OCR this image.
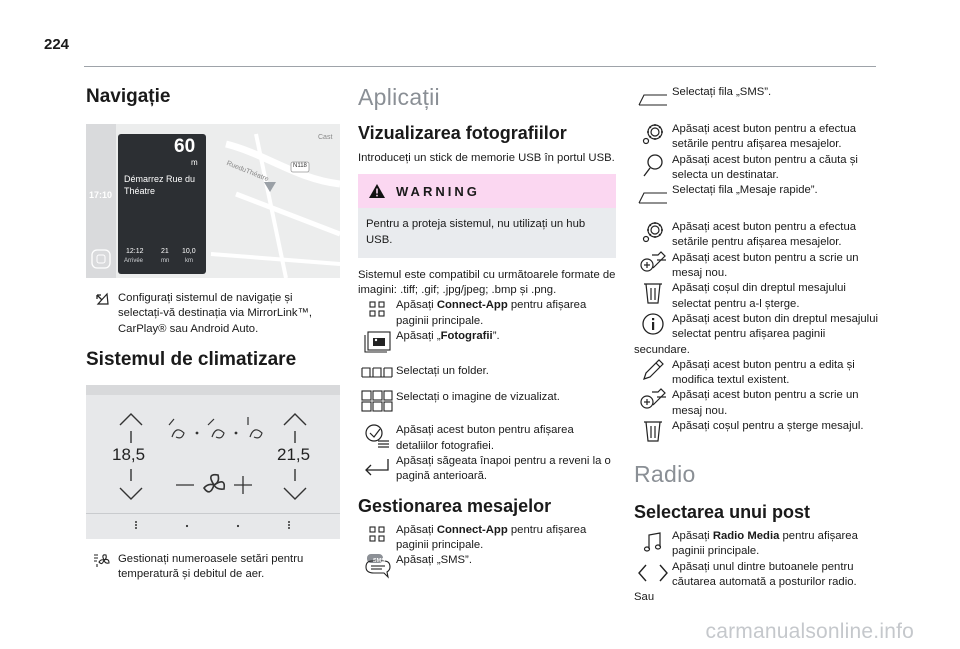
224
Navigație
60
m
Démarrez Rue du Théatre
17:10
12:12
Arrivée
21
mn
10,0
km
RueduThéatre
Cast
N118
Configurați sistemul de navigație și selectați-vă destinația via MirrorLink™, CarPlay® sau Android Auto.
Sistemul de climatizare
18,5	21,5
Gestionați numeroasele setări pentru temperatură și debitul de aer.
Aplicații
Vizualizarea fotografiilor
Introduceți un stick de memorie USB în portul USB.
WARNING
Pentru a proteja sistemul, nu utilizați un hub USB.
Sistemul este compatibil cu următoarele formate de imagini: .tiff; .gif; .jpg/jpeg; .bmp și .png.
Apăsați Connect-App pentru afișarea paginii principale.
Apăsați „Fotografii”.
Selectați un folder.
Selectați o imagine de vizualizat.
Apăsați acest buton pentru afișarea detaliilor fotografiei.
Apăsați săgeata înapoi pentru a reveni la o pagină anterioară.
Gestionarea mesajelor
Apăsați Connect-App pentru afișarea paginii principale.
SMS Apăsați „SMS”.
Selectați fila „SMS”.
Apăsați acest buton pentru a efectua setările pentru afișarea mesajelor.
Apăsați acest buton pentru a căuta și selecta un destinatar.
Selectați fila „Mesaje rapide”.
Apăsați acest buton pentru a efectua setările pentru afișarea mesajelor.
Apăsați acest buton pentru a scrie un mesaj nou.
Apăsați coșul din dreptul mesajului selectat pentru a-l șterge.
Apăsați acest buton din dreptul mesajului selectat pentru afișarea paginii
secundare.
Apăsați acest buton pentru a edita și modifica textul existent.
Apăsați acest buton pentru a scrie un mesaj nou.
Apăsați coșul pentru a șterge mesajul.
Radio
Selectarea unui post
Apăsați Radio Media pentru afișarea paginii principale.
Apăsați unul dintre butoanele pentru căutarea automată a posturilor radio.
Sau
carmanualsonline.info
